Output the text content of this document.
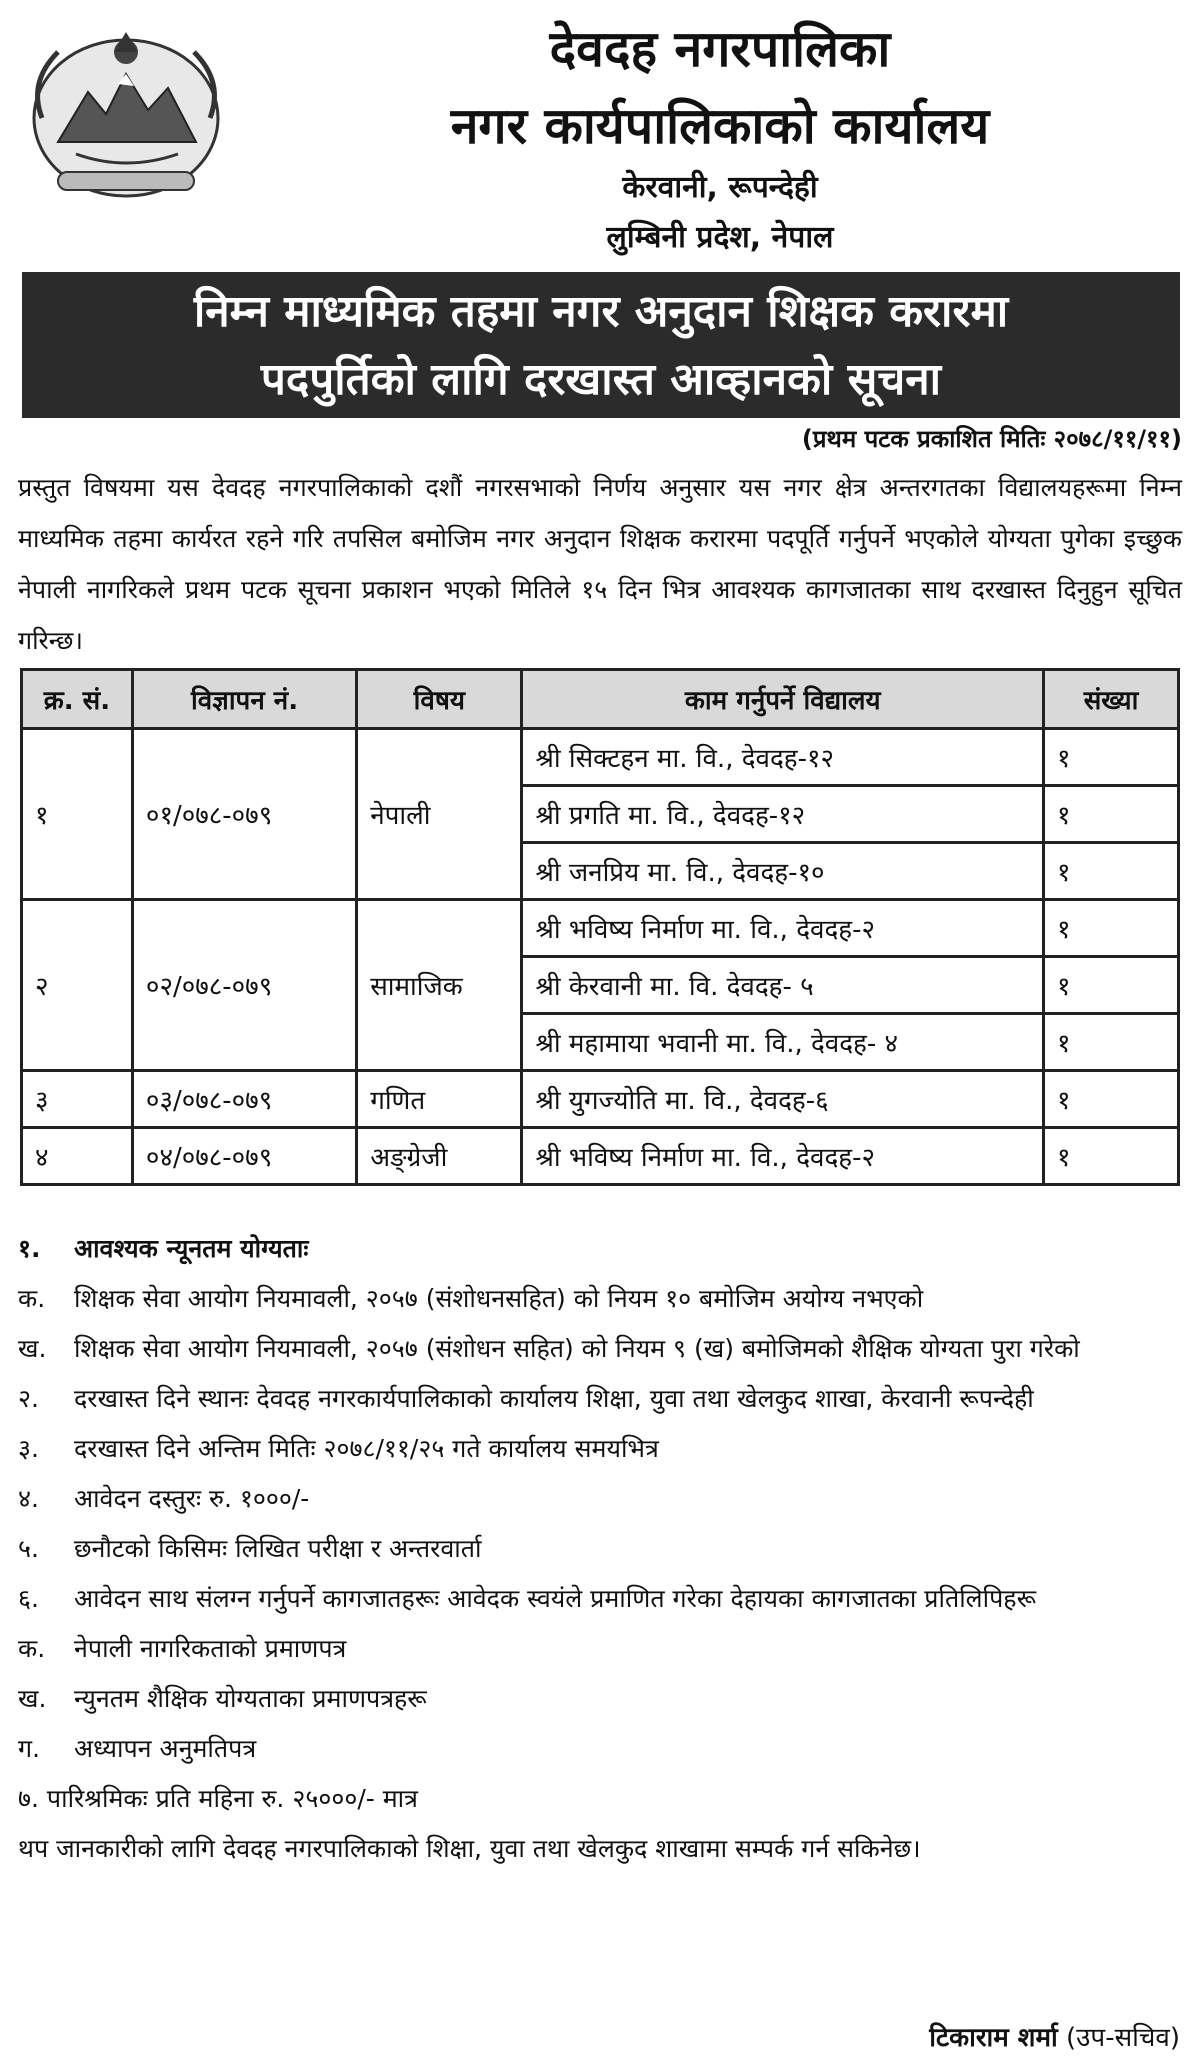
देवदह नगरपालिका
नगर कार्यपालिकाको कार्यालय
केरवानी, रूपन्देही
लुम्बिनी प्रदेश, नेपाल
निम्न माध्यमिक तहमा नगर अनुदान शिक्षक करारमा
पदपुर्तिको लागि दरखास्त आव्हानको सूचना
(प्रथम पटक प्रकाशित मितिः २०७८/११/११)
प्रस्तुत विषयमा यस देवदह नगरपालिकाको दशौं नगरसभाको निर्णय अनुसार यस नगर क्षेत्र अन्तरगतका विद्यालयहरूमा निम्न माध्यमिक तहमा कार्यरत रहने गरि तपसिल बमोजिम नगर अनुदान शिक्षक करारमा पदपूर्ति गर्नुपर्ने भएकोले योग्यता पुगेका इच्छुक नेपाली नागरिकले प्रथम पटक सूचना प्रकाशन भएको मितिले १५ दिन भित्र आवश्यक कागजातका साथ दरखास्त दिनुहुन सूचित गरिन्छ।
क्र. सं.	विज्ञापन नं.	विषय	काम गर्नुपर्ने विद्यालय	संख्या
१	०१/०७८-०७९	नेपाली	श्री सिक्टहन मा. वि., देवदह-१२	१
			श्री प्रगति मा. वि., देवदह-१२	१
			श्री जनप्रिय मा. वि., देवदह-१०	१
२	०२/०७८-०७९	सामाजिक	श्री भविष्य निर्माण मा. वि., देवदह-२	१
			श्री केरवानी मा. वि. देवदह- ५	१
			श्री महामाया भवानी मा. वि., देवदह- ४	१
३	०३/०७८-०७९	गणित	श्री युगज्योति मा. वि., देवदह-६	१
४	०४/०७८-०७९	अङ्ग्रेजी	श्री भविष्य निर्माण मा. वि., देवदह-२	१
१.	आवश्यक न्यूनतम योग्यताः
क.	शिक्षक सेवा आयोग नियमावली, २०५७ (संशोधनसहित) को नियम १० बमोजिम अयोग्य नभएको
ख.	शिक्षक सेवा आयोग नियमावली, २०५७ (संशोधन सहित) को नियम ९ (ख) बमोजिमको शैक्षिक योग्यता पुरा गरेको
२.	दरखास्त दिने स्थानः देवदह नगरकार्यपालिकाको कार्यालय शिक्षा, युवा तथा खेलकुद शाखा, केरवानी रूपन्देही
३.	दरखास्त दिने अन्तिम मितिः २०७८/११/२५ गते कार्यालय समयभित्र
४.	आवेदन दस्तुरः रु. १०००/-
५.	छनौटको किसिमः लिखित परीक्षा र अन्तरवार्ता
६.	आवेदन साथ संलग्न गर्नुपर्ने कागजातहरूः आवेदक स्वयंले प्रमाणित गरेका देहायका कागजातका प्रतिलिपिहरू
क.	नेपाली नागरिकताको प्रमाणपत्र
ख.	न्युनतम शैक्षिक योग्यताका प्रमाणपत्रहरू
ग.	अध्यापन अनुमतिपत्र
७. पारिश्रमिकः प्रति महिना रु. २५०००/- मात्र
थप जानकारीको लागि देवदह नगरपालिकाको शिक्षा, युवा तथा खेलकुद शाखामा सम्पर्क गर्न सकिनेछ।
टिकाराम शर्मा (उप-सचिव)
